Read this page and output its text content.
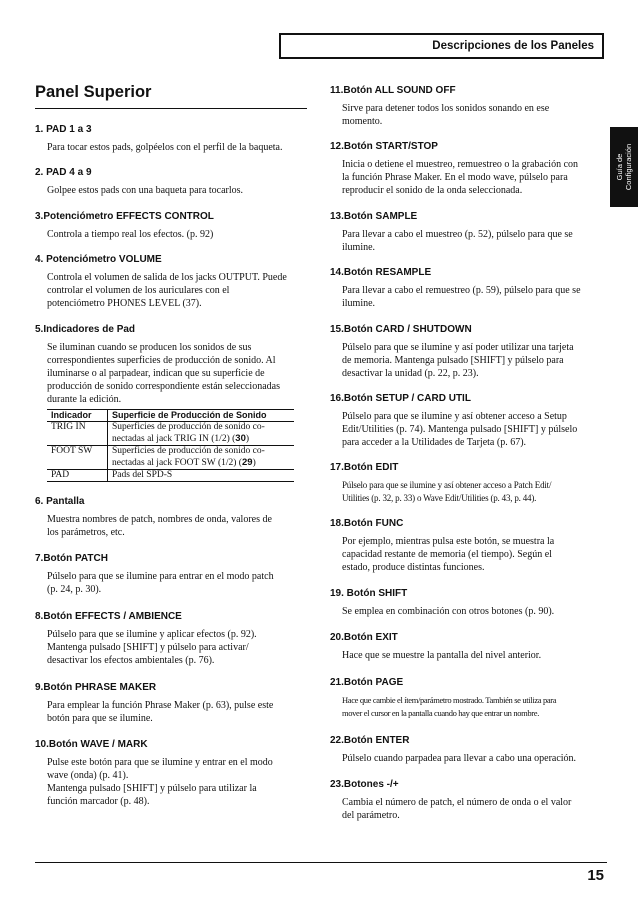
Descripciones de los Paneles
Guía de Configuración
Panel Superior
1. PAD 1 a 3

Para tocar estos pads, golpéelos con el perfil de la baqueta.

2. PAD 4 a 9

Golpee estos pads con una baqueta para tocarlos.

3.Potenciómetro EFFECTS CONTROL

Controla a tiempo real los efectos. (p. 92)

4. Potenciómetro VOLUME

Controla el volumen de salida de los jacks OUTPUT. Puede

controlar el volumen de los auriculares con el

potenciómetro PHONES LEVEL (37).

5.Indicadores de Pad

Se iluminan cuando se producen los sonidos de sus

correspondientes superficies de producción de sonido. Al

iluminarse o al parpadear, indican que su superficie de

producción de sonido correspondiente están seleccionadas

durante la edición.

Indicador	Superficie de Producción de Sonido
TRIG IN	Superficies de producción de sonido co-
nectadas al jack TRIG IN (1/2) (30)
FOOT SW	Superficies de producción de sonido co-
nectadas al jack FOOT SW (1/2) (29)
PAD	Pads del SPD-S
6. Pantalla

Muestra nombres de patch, nombres de onda, valores de

los parámetros, etc.

7.Botón PATCH

Púlselo para que se ilumine para entrar en el modo patch

(p. 24, p. 30).

8.Botón EFFECTS / AMBIENCE

Púlselo para que se ilumine y aplicar efectos (p. 92).

Mantenga pulsado [SHIFT] y púlselo para activar/

desactivar los efectos ambientales (p. 76).

9.Botón PHRASE MAKER

Para emplear la función Phrase Maker (p. 63), pulse este

botón para que se ilumine.

10.Botón WAVE / MARK

Pulse este botón para que se ilumine y entrar en el modo

wave (onda) (p. 41).

Mantenga pulsado [SHIFT] y púlselo para utilizar la

función marcador (p. 48).

11.Botón ALL SOUND OFF

Sirve para detener todos los sonidos sonando en ese

momento.

12.Botón START/STOP

Inicia o detiene el muestreo, remuestreo o la grabación con

la función Phrase Maker. En el modo wave, púlselo para

reproducir el sonido de la onda seleccionada.

13.Botón SAMPLE

Para llevar a cabo el muestreo (p. 52), púlselo para que se

ilumine.

14.Botón RESAMPLE

Para llevar a cabo el remuestreo (p. 59), púlselo para que se

ilumine.

15.Botón CARD / SHUTDOWN

Púlselo para que se ilumine y así poder utilizar una tarjeta

de memoria. Mantenga pulsado [SHIFT] y púlselo para

desactivar la unidad (p. 22, p. 23).

16.Botón SETUP / CARD UTIL

Púlselo para que se ilumine y así obtener acceso a Setup

Edit/Utilities (p. 74). Mantenga pulsado [SHIFT] y púlselo

para acceder a la Utilidades de Tarjeta (p. 67).

17.Botón EDIT

Púlselo para que se ilumine y así obtener acceso a Patch Edit/

Utilities (p. 32, p. 33) o Wave Edit/Utilities (p. 43, p. 44).

18.Botón FUNC

Por ejemplo, mientras pulsa este botón, se muestra la

capacidad restante de memoria (el tiempo). Según el

estado, produce distintas funciones.

19. Botón SHIFT

Se emplea en combinación con otros botones (p. 90).

20.Botón EXIT

Hace que se muestre la pantalla del nivel anterior.

21.Botón PAGE

Hace que cambie el ítem/parámetro mostrado. También se utiliza para

mover el cursor en la pantalla cuando hay que entrar un nombre.

22.Botón ENTER

Púlselo cuando parpadea para llevar a cabo una operación.

23.Botones -/+

Cambia el número de patch, el número de onda o el valor

del parámetro.

15
